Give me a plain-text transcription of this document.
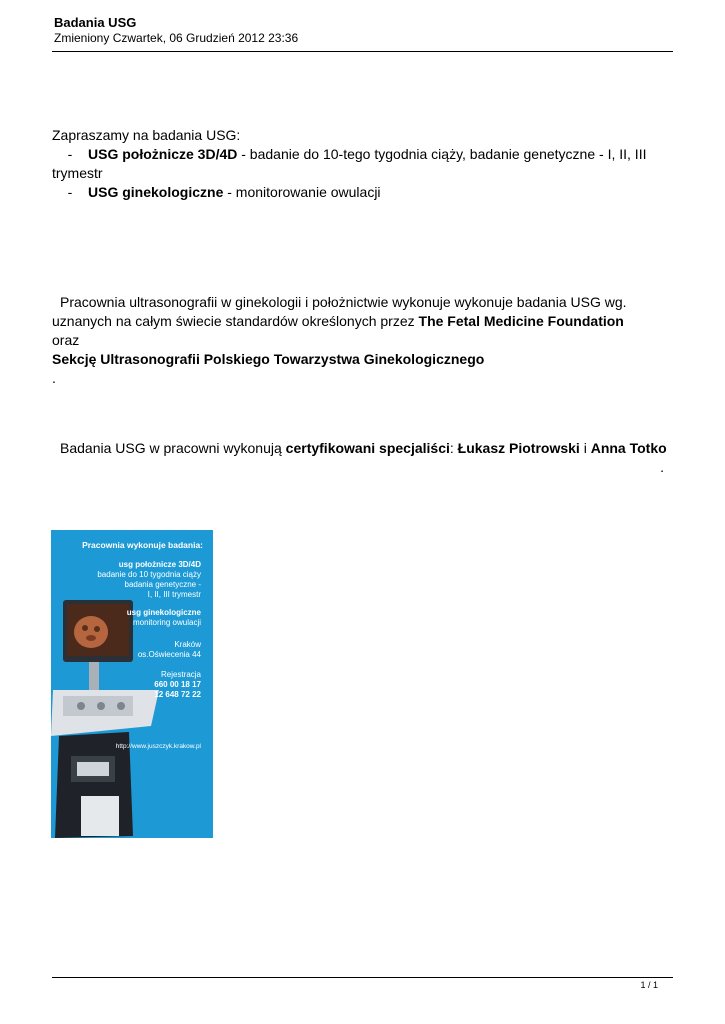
Badania USG
Zmieniony Czwartek, 06 Grudzień 2012 23:36
Zapraszamy na badania USG:
- USG położnicze 3D/4D - badanie do 10-tego tygodnia ciąży, badanie genetyczne - I, II, III trymestr
- USG ginekologiczne - monitorowanie owulacji
Pracownia ultrasonografii w ginekologii i położnictwie wykonuje wykonuje badania USG wg. uznanych na całym świecie standardów określonych przez The Fetal Medicine Foundation
oraz
Sekcję Ultrasonografii Polskiego Towarzystwa Ginekologicznego
.
Badania USG w pracowni wykonują certyfikowani specjaliści: Łukasz Piotrowski i Anna Totko
.
Pracownia wykonuje badania:
usg położnicze 3D/4D
badanie do 10 tygodnia ciąży
badania genetyczne -
I, II, III trymestr
usg ginekologiczne
monitoring owulacji
Kraków
os.Oświecenia 44
Rejestracja
660 00 18 17
12 648 72 22
http://www.juszczyk.krakow.pl
1 / 1
